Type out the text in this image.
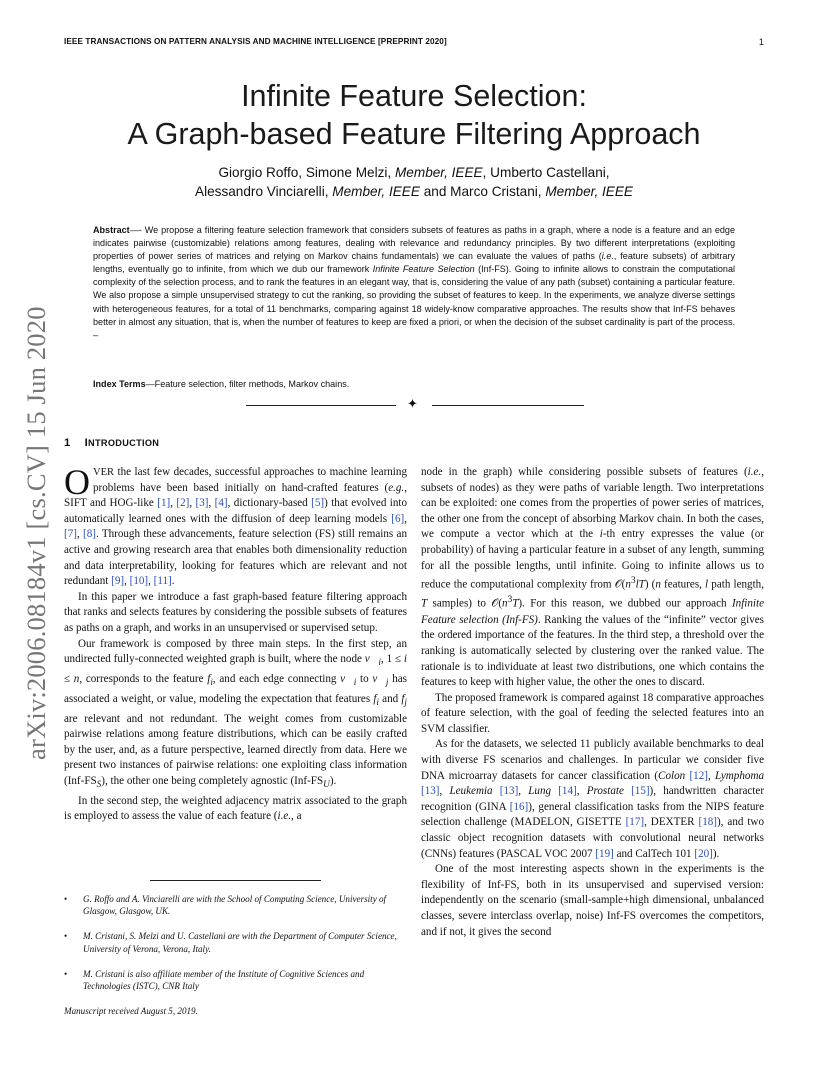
IEEE TRANSACTIONS ON PATTERN ANALYSIS AND MACHINE INTELLIGENCE [PREPRINT 2020]	1
arXiv:2006.08184v1 [cs.CV] 15 Jun 2020
Infinite Feature Selection:
A Graph-based Feature Filtering Approach
Giorgio Roffo, Simone Melzi, Member, IEEE, Umberto Castellani,
Alessandro Vinciarelli, Member, IEEE and Marco Cristani, Member, IEEE
Abstract—- We propose a filtering feature selection framework that considers subsets of features as paths in a graph, where a node is a feature and an edge indicates pairwise (customizable) relations among features, dealing with relevance and redundancy principles. By two different interpretations (exploiting properties of power series of matrices and relying on Markov chains fundamentals) we can evaluate the values of paths (i.e., feature subsets) of arbitrary lengths, eventually go to infinite, from which we dub our framework Infinite Feature Selection (Inf-FS). Going to infinite allows to constrain the computational complexity of the selection process, and to rank the features in an elegant way, that is, considering the value of any path (subset) containing a particular feature. We also propose a simple unsupervised strategy to cut the ranking, so providing the subset of features to keep. In the experiments, we analyze diverse settings with heterogeneous features, for a total of 11 benchmarks, comparing against 18 widely-know comparative approaches. The results show that Inf-FS behaves better in almost any situation, that is, when the number of features to keep are fixed a priori, or when the decision of the subset cardinality is part of the process. –
Index Terms—Feature selection, filter methods, Markov chains.
✦
1 INTRODUCTION

OVER the last few decades, successful approaches to machine learning problems have been based initially on hand-crafted features (e.g., SIFT and HOG-like [1], [2], [3], [4], dictionary-based [5]) that evolved into automatically learned ones with the diffusion of deep learning models [6], [7], [8]. Through these advancements, feature selection (FS) still remains an active and growing research area that enables both dimensionality reduction and data interpretability, looking for features which are relevant and not redundant [9], [10], [11].

In this paper we introduce a fast graph-based feature filtering approach that ranks and selects features by considering the possible subsets of features as paths on a graph, and works in an unsupervised or supervised setup.

Our framework is composed by three main steps. In the first step, an undirected fully-connected weighted graph is built, where the node $v⃗_i$, 1 ≤ i ≤ n, corresponds to the feature $f_i$, and each edge connecting $v⃗_i$ to $v⃗_j$ has associated a weight, or value, modeling the expectation that features $f_i$ and $f_j$ are relevant and not redundant. The weight comes from customizable pairwise relations among feature distributions, which can be easily crafted by the user, and, as a future perspective, learned directly from data. Here we present two instances of pairwise relations: one exploiting class information $(Inf-FS_S)$, the other one being completely agnostic $(Inf-FS_U)$.

In the second step, the weighted adjacency matrix associated to the graph is employed to assess the value of each feature (i.e., a

• G. Roffo and A. Vinciarelli are with the School of Computing Science, University of Glasgow, Glasgow, UK.
• M. Cristani, S. Melzi and U. Castellani are with the Department of Computer Science, University of Verona, Verona, Italy.
• M. Cristani is also affiliate member of the Institute of Cognitive Sciences and Technologies (ISTC), CNR Italy
Manuscript received August 5, 2019.

node in the graph) while considering possible subsets of features (i.e., subsets of nodes) as they were paths of variable length. Two interpretations can be exploited: one comes from the properties of power series of matrices, the other one from the concept of absorbing Markov chain. In both the cases, we compute a vector which at the i-th entry expresses the value (or probability) of having a particular feature in a subset of any length, summing for all the possible lengths, until infinite. Going to infinite allows us to reduce the computational complexity from $𝒪(n^3lT)$ (n features, l path length, T samples) to $𝒪(n^3T)$. For this reason, we dubbed our approach Infinite Feature selection (Inf-FS). Ranking the values of the “infinite” vector gives the ordered importance of the features. In the third step, a threshold over the ranking is automatically selected by clustering over the ranked value. The rationale is to individuate at least two distributions, one which contains the features to keep with higher value, the other the ones to discard.

The proposed framework is compared against 18 comparative approaches of feature selection, with the goal of feeding the selected features into an SVM classifier.

As for the datasets, we selected 11 publicly available benchmarks to deal with diverse FS scenarios and challenges. In particular we consider five DNA microarray datasets for cancer classification (Colon [12], Lymphoma [13], Leukemia [13], Lung [14], Prostate [15]), handwritten character recognition (GINA [16]), general classification tasks from the NIPS feature selection challenge (MADELON, GISETTE [17], DEXTER [18]), and two classic object recognition datasets with convolutional neural networks (CNNs) features (PASCAL VOC 2007 [19] and CalTech 101 [20]).

One of the most interesting aspects shown in the experiments is the flexibility of Inf-FS, both in its unsupervised and supervised version: independently on the scenario (small-sample+high dimensional, unbalanced classes, severe interclass overlap, noise) Inf-FS overcomes the competitors, and if not, it gives the second
